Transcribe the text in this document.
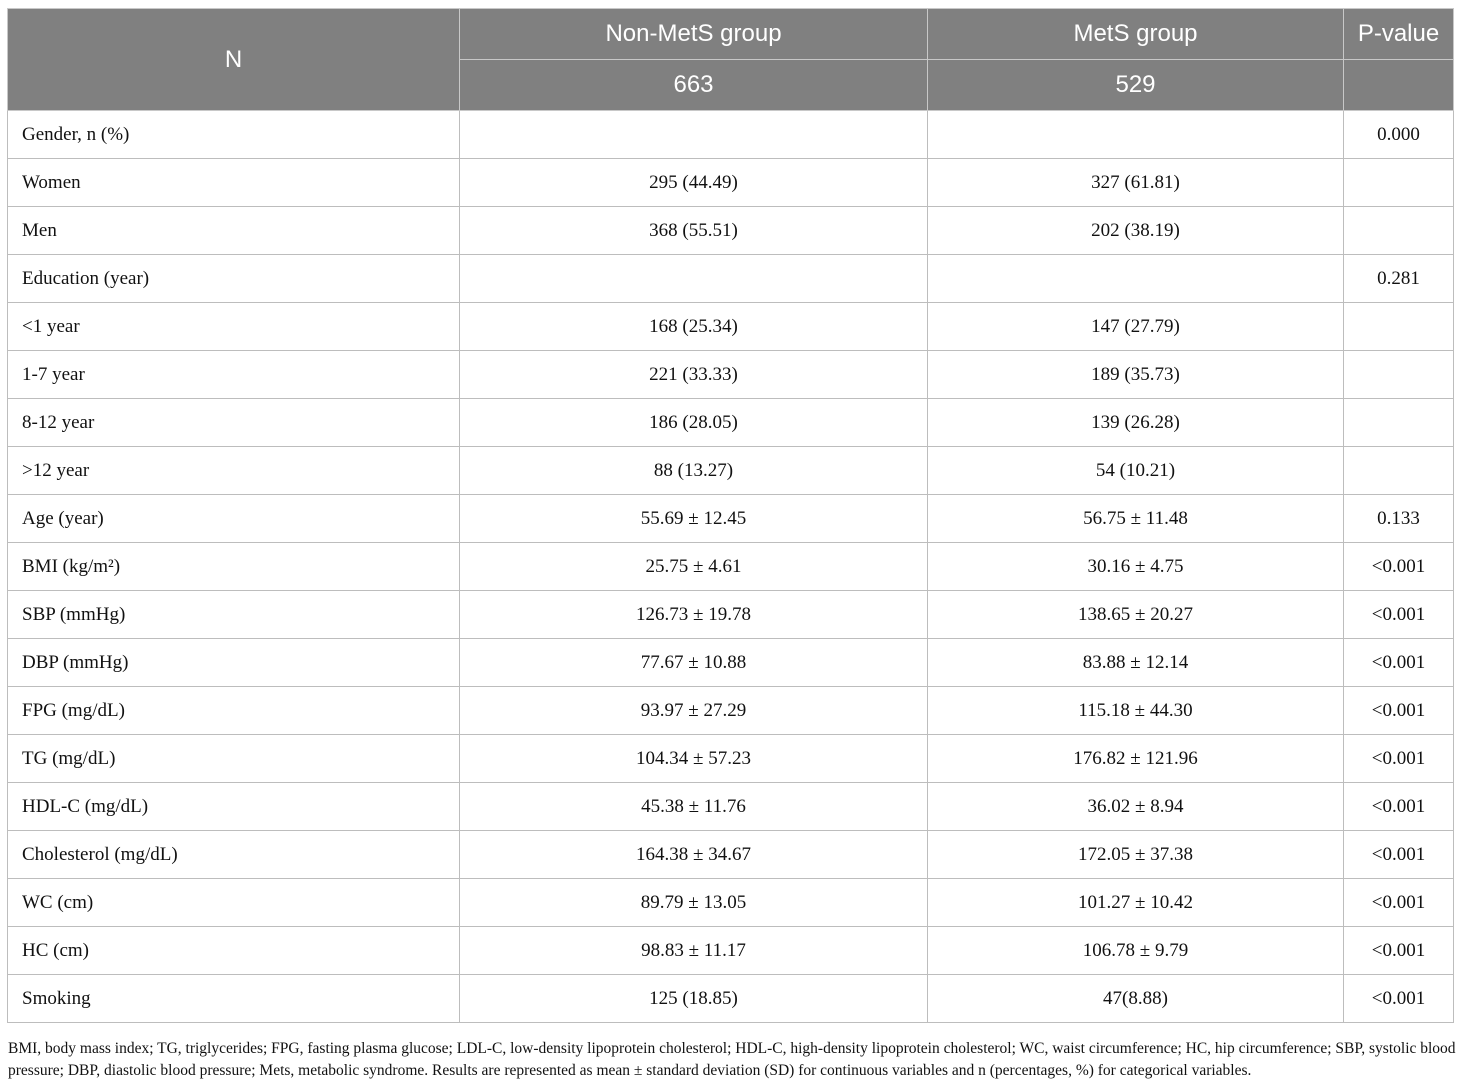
N	Non-MetS group	MetS group	P-value
	663	529	
Gender, n (%)			0.000
Women	295 (44.49)	327 (61.81)	
Men	368 (55.51)	202 (38.19)	
Education (year)			0.281
<1 year	168 (25.34)	147 (27.79)	
1-7 year	221 (33.33)	189 (35.73)	
8-12 year	186 (28.05)	139 (26.28)	
>12 year	88 (13.27)	54 (10.21)	
Age (year)	55.69 ± 12.45	56.75 ± 11.48	0.133
BMI (kg/m²)	25.75 ± 4.61	30.16 ± 4.75	<0.001
SBP (mmHg)	126.73 ± 19.78	138.65 ± 20.27	<0.001
DBP (mmHg)	77.67 ± 10.88	83.88 ± 12.14	<0.001
FPG (mg/dL)	93.97 ± 27.29	115.18 ± 44.30	<0.001
TG (mg/dL)	104.34 ± 57.23	176.82 ± 121.96	<0.001
HDL-C (mg/dL)	45.38 ± 11.76	36.02 ± 8.94	<0.001
Cholesterol (mg/dL)	164.38 ± 34.67	172.05 ± 37.38	<0.001
WC (cm)	89.79 ± 13.05	101.27 ± 10.42	<0.001
HC (cm)	98.83 ± 11.17	106.78 ± 9.79	<0.001
Smoking	125 (18.85)	47(8.88)	<0.001
BMI, body mass index; TG, triglycerides; FPG, fasting plasma glucose; LDL-C, low-density lipoprotein cholesterol; HDL-C, high-density lipoprotein cholesterol; WC, waist circumference; HC, hip circumference; SBP, systolic blood pressure; DBP, diastolic blood pressure; Mets, metabolic syndrome. Results are represented as mean ± standard deviation (SD) for continuous variables and n (percentages, %) for categorical variables.
